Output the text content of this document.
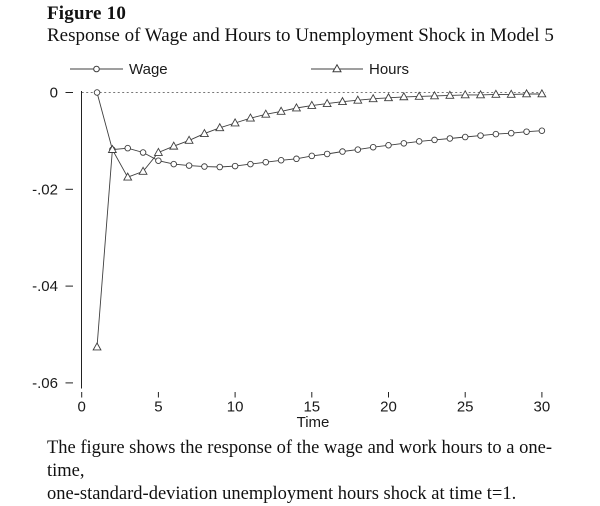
Figure 10
Response of Wage and Hours to Unemployment Shock in Model 5
Wage	Hours
0
-.02
-.04
-.06
0	5	10	15	20	25	30
Time
The figure shows the response of the wage and work hours to a one-time,
one-standard-deviation unemployment hours shock at time t=1.
